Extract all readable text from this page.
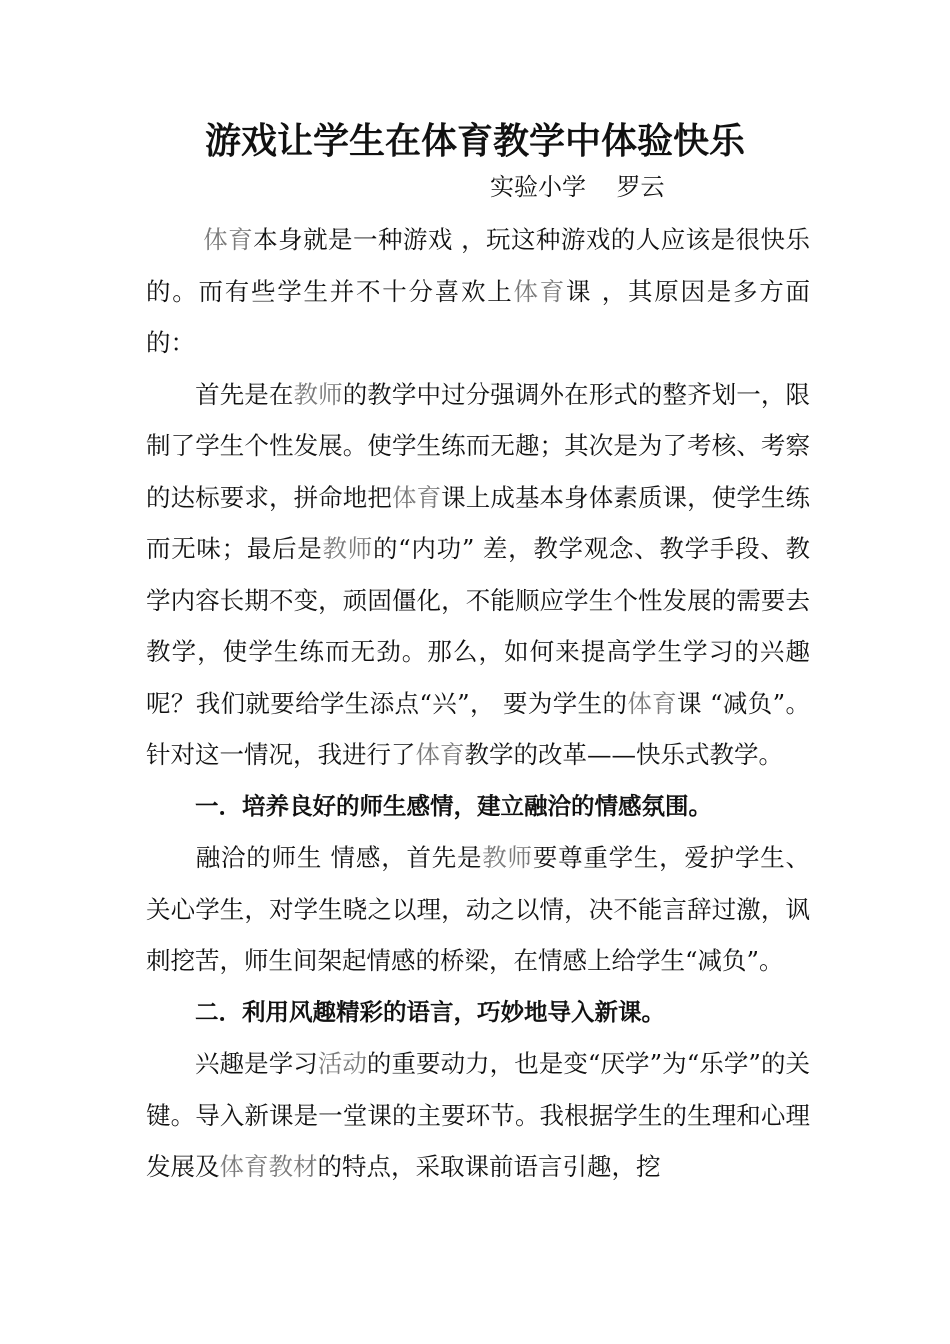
游戏让学生在体育教学中体验快乐
实验小学    罗云

体育本身就是一种游戏 ，玩这种游戏的人应该是很快乐的。而有些学生并不十分喜欢上体育课 ，其原因是多方面的：

首先是在教师的教学中过分强调外在形式的整齐划一，限制了学生个性发展。使学生练而无趣；其次是为了考核、考察的达标要求，拼命地把体育课上成基本身体素质课，使学生练而无味；最后是教师的“内功” 差，教学观念、教学手段、教学内容长期不变，顽固僵化，不能顺应学生个性发展的需要去教学，使学生练而无劲。那么，如何来提高学生学习的兴趣呢？我们就要给学生添点“兴”， 要为学生的体育课 “减负”。针对这一情况，我进行了体育教学的改革——快乐式教学。

一．培养良好的师生感情，建立融洽的情感氛围。

融洽的师生 情感，首先是教师要尊重学生，爱护学生、关心学生，对学生晓之以理，动之以情，决不能言辞过激，讽刺挖苦，师生间架起情感的桥梁，在情感上给学生“减负”。

二．利用风趣精彩的语言，巧妙地导入新课。

兴趣是学习活动的重要动力，也是变“厌学”为“乐学”的关键。导入新课是一堂课的主要环节。我根据学生的生理和心理发展及体育教材的特点，采取课前语言引趣，挖
